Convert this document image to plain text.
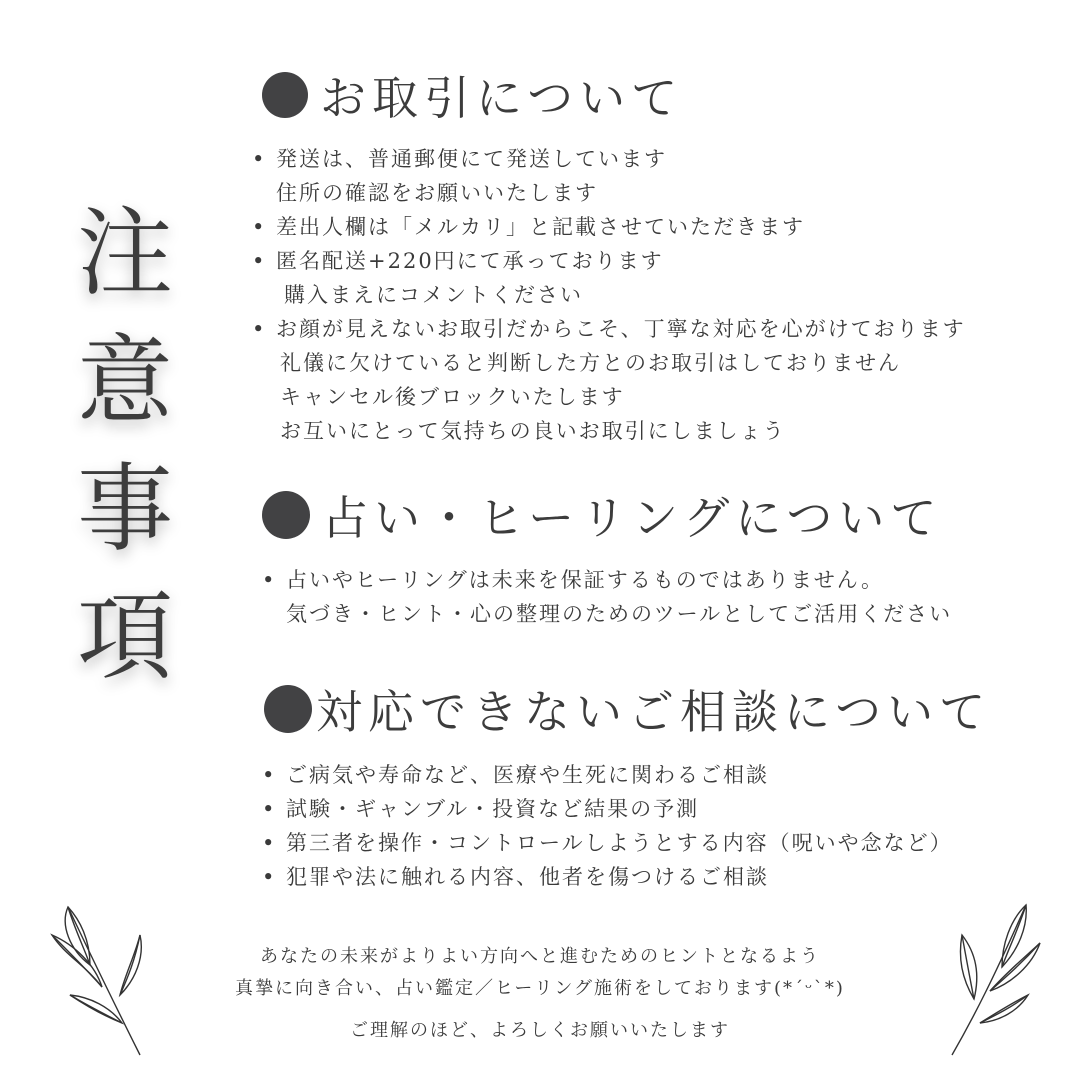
注
意
事
項
お取引について
• 発送は、普通郵便にて発送しています
住所の確認をお願いいたします
• 差出人欄は「メルカリ」と記載させていただきます
• 匿名配送+220円にて承っております
購入まえにコメントください
• お顔が見えないお取引だからこそ、丁寧な対応を心がけております
礼儀に欠けていると判断した方とのお取引はしておりません
キャンセル後ブロックいたします
お互いにとって気持ちの良いお取引にしましょう
占い・ヒーリングについて
• 占いやヒーリングは未来を保証するものではありません。
気づき・ヒント・心の整理のためのツールとしてご活用ください
対応できないご相談について
• ご病気や寿命など、医療や生死に関わるご相談
• 試験・ギャンブル・投資など結果の予測
• 第三者を操作・コントロールしようとする内容（呪いや念など）
• 犯罪や法に触れる内容、他者を傷つけるご相談
あなたの未来がよりよい方向へと進むためのヒントとなるよう
真摯に向き合い、占い鑑定／ヒーリング施術をしております(*ˊᵕˋ*)
ご理解のほど、よろしくお願いいたします
